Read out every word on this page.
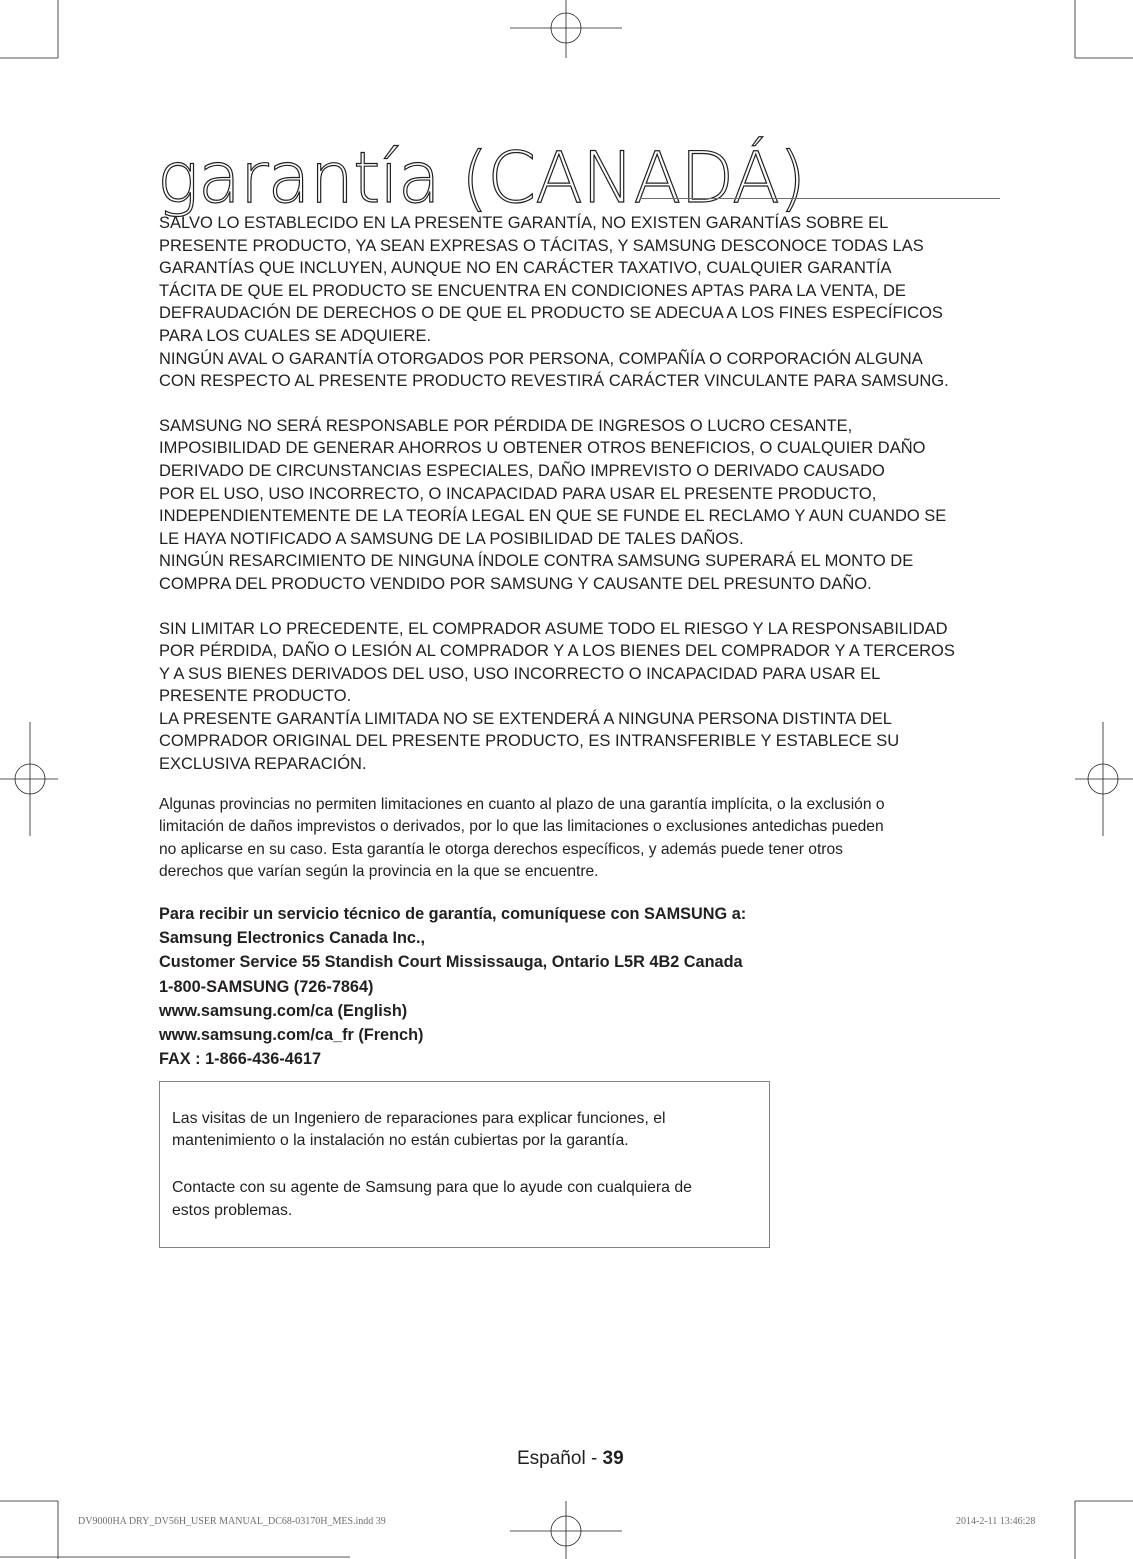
garantía (CANADÁ)

SALVO LO ESTABLECIDO EN LA PRESENTE GARANTÍA, NO EXISTEN GARANTÍAS SOBRE EL
PRESENTE PRODUCTO, YA SEAN EXPRESAS O TÁCITAS, Y SAMSUNG DESCONOCE TODAS LAS
GARANTÍAS QUE INCLUYEN, AUNQUE NO EN CARÁCTER TAXATIVO, CUALQUIER GARANTÍA
TÁCITA DE QUE EL PRODUCTO SE ENCUENTRA EN CONDICIONES APTAS PARA LA VENTA, DE
DEFRAUDACIÓN DE DERECHOS O DE QUE EL PRODUCTO SE ADECUA A LOS FINES ESPECÍFICOS
PARA LOS CUALES SE ADQUIERE.

NINGÚN AVAL O GARANTÍA OTORGADOS POR PERSONA, COMPAÑÍA O CORPORACIÓN ALGUNA
CON RESPECTO AL PRESENTE PRODUCTO REVESTIRÁ CARÁCTER VINCULANTE PARA SAMSUNG.

SAMSUNG NO SERÁ RESPONSABLE POR PÉRDIDA DE INGRESOS O LUCRO CESANTE,
IMPOSIBILIDAD DE GENERAR AHORROS U OBTENER OTROS BENEFICIOS, O CUALQUIER DAÑO
DERIVADO DE CIRCUNSTANCIAS ESPECIALES, DAÑO IMPREVISTO O DERIVADO CAUSADO
POR EL USO, USO INCORRECTO, O INCAPACIDAD PARA USAR EL PRESENTE PRODUCTO,
INDEPENDIENTEMENTE DE LA TEORÍA LEGAL EN QUE SE FUNDE EL RECLAMO Y AUN CUANDO SE
LE HAYA NOTIFICADO A SAMSUNG DE LA POSIBILIDAD DE TALES DAÑOS.

NINGÚN RESARCIMIENTO DE NINGUNA ÍNDOLE CONTRA SAMSUNG SUPERARÁ EL MONTO DE
COMPRA DEL PRODUCTO VENDIDO POR SAMSUNG Y CAUSANTE DEL PRESUNTO DAÑO.

SIN LIMITAR LO PRECEDENTE, EL COMPRADOR ASUME TODO EL RIESGO Y LA RESPONSABILIDAD
POR PÉRDIDA, DAÑO O LESIÓN AL COMPRADOR Y A LOS BIENES DEL COMPRADOR Y A TERCEROS
Y A SUS BIENES DERIVADOS DEL USO, USO INCORRECTO O INCAPACIDAD PARA USAR EL
PRESENTE PRODUCTO.

LA PRESENTE GARANTÍA LIMITADA NO SE EXTENDERÁ A NINGUNA PERSONA DISTINTA DEL
COMPRADOR ORIGINAL DEL PRESENTE PRODUCTO, ES INTRANSFERIBLE Y ESTABLECE SU
EXCLUSIVA REPARACIÓN.

Algunas provincias no permiten limitaciones en cuanto al plazo de una garantía implícita, o la exclusión o
limitación de daños imprevistos o derivados, por lo que las limitaciones o exclusiones antedichas pueden
no aplicarse en su caso. Esta garantía le otorga derechos específicos, y además puede tener otros
derechos que varían según la provincia en la que se encuentre.

Para recibir un servicio técnico de garantía, comuníquese con SAMSUNG a:
Samsung Electronics Canada Inc.,
Customer Service 55 Standish Court Mississauga, Ontario L5R 4B2 Canada
1-800-SAMSUNG (726-7864)
www.samsung.com/ca (English)
www.samsung.com/ca_fr (French)
FAX : 1-866-436-4617

Las visitas de un Ingeniero de reparaciones para explicar funciones, el
mantenimiento o la instalación no están cubiertas por la garantía.

Contacte con su agente de Samsung para que lo ayude con cualquiera de
estos problemas.

Español - 39
DV9000HA DRY_DV56H_USER MANUAL_DC68-03170H_MES.indd 39	2014-2-11 13:46:28
